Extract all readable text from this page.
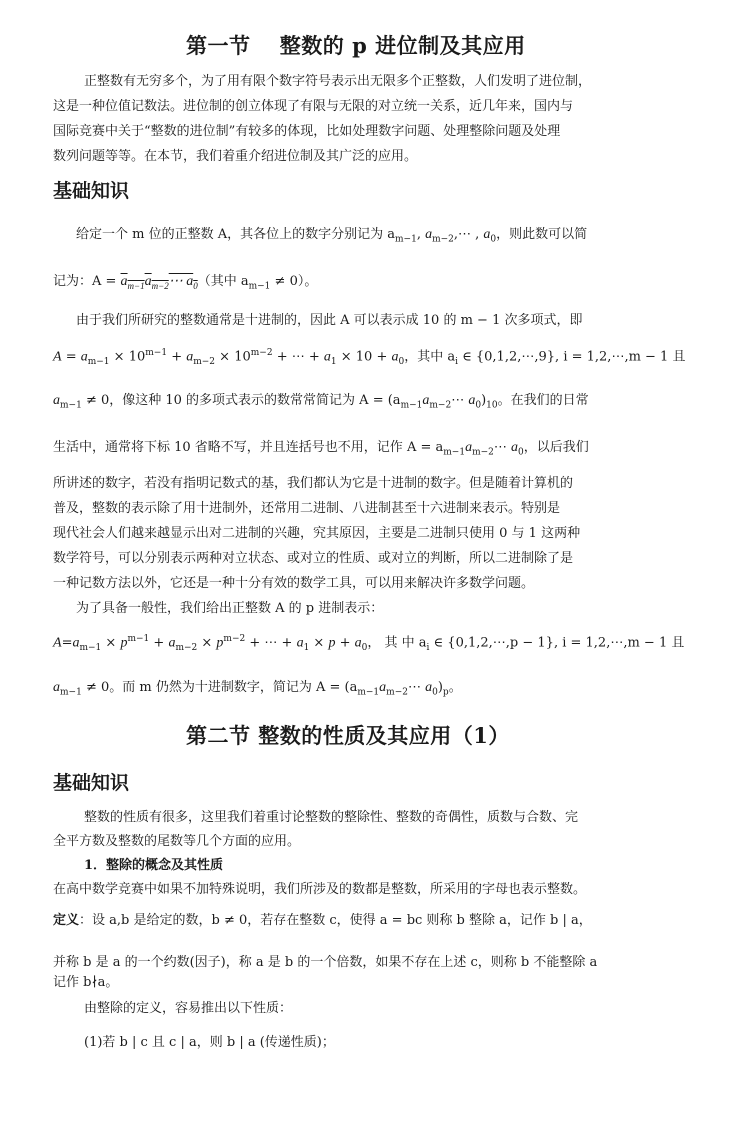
第一节　 整数的 p 进位制及其应用
正整数有无穷多个，为了用有限个数字符号表示出无限多个正整数，人们发明了进位制，
这是一种位值记数法。进位制的创立体现了有限与无限的对立统一关系，近几年来，国内与
国际竞赛中关于“整数的进位制”有较多的体现，比如处理数字问题、处理整除问题及处理
数列问题等等。在本节，我们着重介绍进位制及其广泛的应用。
基础知识
给定一个 m 位的正整数 A，其各位上的数字分别记为 $a_{m-1}$, $a_{m-2},\cdots$ , $a_0$，则此数可以简
记为：$A = a_{m-1}a_{m-2}\cdots$ $a_0$（其中 $a_{m-1} \ne 0$）。
由于我们所研究的整数通常是十进制的，因此 A 可以表示成 10 的 m − 1 次多项式，即
$A = a_{m-1} \times 10^{m-1} + a_{m-2} \times 10^{m-2}$ + ⋯ + $a_1 \times 10 + a_0$，其中 $a_i$ ∈ {0,1,2,⋯,9}, i = 1,2,⋯,m − 1 且
$a_{m-1} \ne 0$，像这种 10 的多项式表示的数常常简记为 $A = (a_{m-1}a_{m-2}\cdots$ $a_0)_{10}$。在我们的日常
生活中，通常将下标 10 省略不写，并且连括号也不用，记作 $A = a_{m-1}a_{m-2}\cdots$ $a_0$，以后我们
所讲述的数字，若没有指明记数式的基，我们都认为它是十进制的数字。但是随着计算机的
普及，整数的表示除了用十进制外，还常用二进制、八进制甚至十六进制来表示。特别是
现代社会人们越来越显示出对二进制的兴趣，究其原因，主要是二进制只使用 0 与 1 这两种
数学符号，可以分别表示两种对立状态、或对立的性质、或对立的判断，所以二进制除了是
一种记数方法以外，它还是一种十分有效的数学工具，可以用来解决许多数学问题。
为了具备一般性，我们给出正整数 A 的 p 进制表示：
$A=a_{m-1} \times p^{m-1} + a_{m-2} \times p^{m-2}$ + ⋯ + $a_1 \times p + a_0$， 其 中 $a_i$ ∈ {0,1,2,⋯,p − 1}, i = 1,2,⋯,m − 1 且
$a_{m-1} \ne 0$。而 m 仍然为十进制数字，简记为 $A = (a_{m-1}a_{m-2}\cdots$ $a_0)_p$。
第二节 整数的性质及其应用（1）
基础知识
整数的性质有很多，这里我们着重讨论整数的整除性、整数的奇偶性，质数与合数、完
全平方数及整数的尾数等几个方面的应用。
1．整除的概念及其性质
在高中数学竞赛中如果不加特殊说明，我们所涉及的数都是整数，所采用的字母也表示整数。
定义：设 a,b 是给定的数，b ≠ 0，若存在整数 c，使得 a = bc 则称 b 整除 a，记作 b | a，
并称 b 是 a 的一个约数(因子)，称 a 是 b 的一个倍数，如果不存在上述 c，则称 b 不能整除 a
记作 b∤a。
由整除的定义，容易推出以下性质：
(1)若 b | c 且 c | a，则 b | a (传递性质)；
